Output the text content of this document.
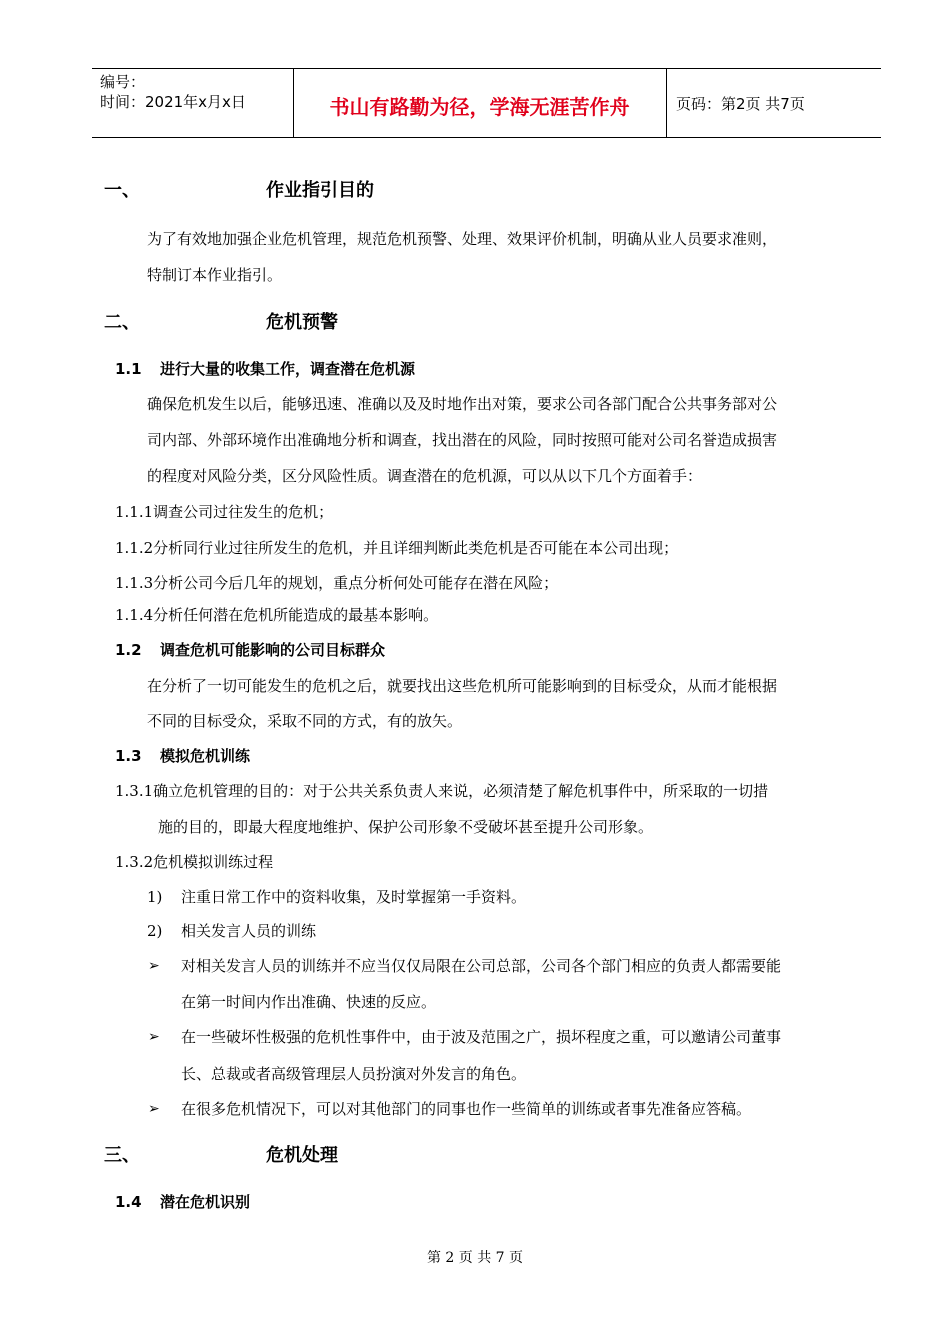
编号：
时间：2021年x月x日	书山有路勤为径，学海无涯苦作舟	页码：第2页 共7页
一、	作业指引目的
为了有效地加强企业危机管理，规范危机预警、处理、效果评价机制，明确从业人员要求准则，
特制订本作业指引。
二、	危机预警
1.1 进行大量的收集工作，调查潜在危机源
确保危机发生以后，能够迅速、准确以及及时地作出对策，要求公司各部门配合公共事务部对公
司内部、外部环境作出准确地分析和调查，找出潜在的风险，同时按照可能对公司名誉造成损害
的程度对风险分类，区分风险性质。调查潜在的危机源，可以从以下几个方面着手：
1.1.1调查公司过往发生的危机；
1.1.2分析同行业过往所发生的危机，并且详细判断此类危机是否可能在本公司出现；
1.1.3分析公司今后几年的规划，重点分析何处可能存在潜在风险；
1.1.4分析任何潜在危机所能造成的最基本影响。
1.2 调查危机可能影响的公司目标群众
在分析了一切可能发生的危机之后，就要找出这些危机所可能影响到的目标受众，从而才能根据
不同的目标受众，采取不同的方式，有的放矢。
1.3 模拟危机训练
1.3.1确立危机管理的目的：对于公共关系负责人来说，必须清楚了解危机事件中，所采取的一切措
施的目的，即最大程度地维护、保护公司形象不受破坏甚至提升公司形象。
1.3.2危机模拟训练过程
1) 注重日常工作中的资料收集，及时掌握第一手资料。
2) 相关发言人员的训练
➢ 对相关发言人员的训练并不应当仅仅局限在公司总部，公司各个部门相应的负责人都需要能
在第一时间内作出准确、快速的反应。
➢ 在一些破坏性极强的危机性事件中，由于波及范围之广，损坏程度之重，可以邀请公司董事
长、总裁或者高级管理层人员扮演对外发言的角色。
➢ 在很多危机情况下，可以对其他部门的同事也作一些简单的训练或者事先准备应答稿。
三、	危机处理
1.4 潜在危机识别
第 2 页 共 7 页
